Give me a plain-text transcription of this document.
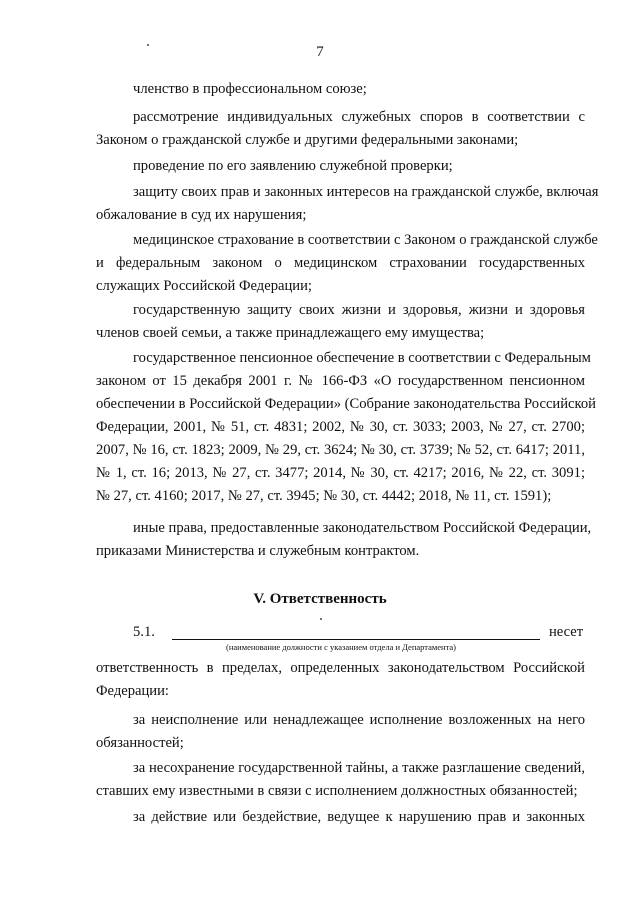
7
членство в профессиональном союзе;
рассмотрение индивидуальных служебных споров в соответствии с
Законом о гражданской службе и другими федеральными законами;
проведение по его заявлению служебной проверки;
защиту своих прав и законных интересов на гражданской службе, включая
обжалование в суд их нарушения;
медицинское страхование в соответствии с Законом о гражданской службе
и федеральным законом о медицинском страховании государственных
служащих Российской Федерации;
государственную защиту своих жизни и здоровья, жизни и здоровья
членов своей семьи, а также принадлежащего ему имущества;
государственное пенсионное обеспечение в соответствии с Федеральным
законом от 15 декабря 2001 г. № 166-ФЗ «О государственном пенсионном
обеспечении в Российской Федерации» (Собрание законодательства Российской
Федерации, 2001, № 51, ст. 4831; 2002, № 30, ст. 3033; 2003, № 27, ст. 2700;
2007, № 16, ст. 1823; 2009, № 29, ст. 3624; № 30, ст. 3739; № 52, ст. 6417; 2011,
№ 1, ст. 16; 2013, № 27, ст. 3477; 2014, № 30, ст. 4217; 2016, № 22, ст. 3091;
№ 27, ст. 4160; 2017, № 27, ст. 3945; № 30, ст. 4442; 2018, № 11, ст. 1591);
иные права, предоставленные законодательством Российской Федерации,
приказами Министерства и служебным контрактом.
V. Ответственность
5.1.	несет
(наименование должности с указанием отдела и Департамента)
ответственность в пределах, определенных законодательством Российской
Федерации:
за неисполнение или ненадлежащее исполнение возложенных на него
обязанностей;
за несохранение государственной тайны, а также разглашение сведений,
ставших ему известными в связи с исполнением должностных обязанностей;
за действие или бездействие, ведущее к нарушению прав и законных
